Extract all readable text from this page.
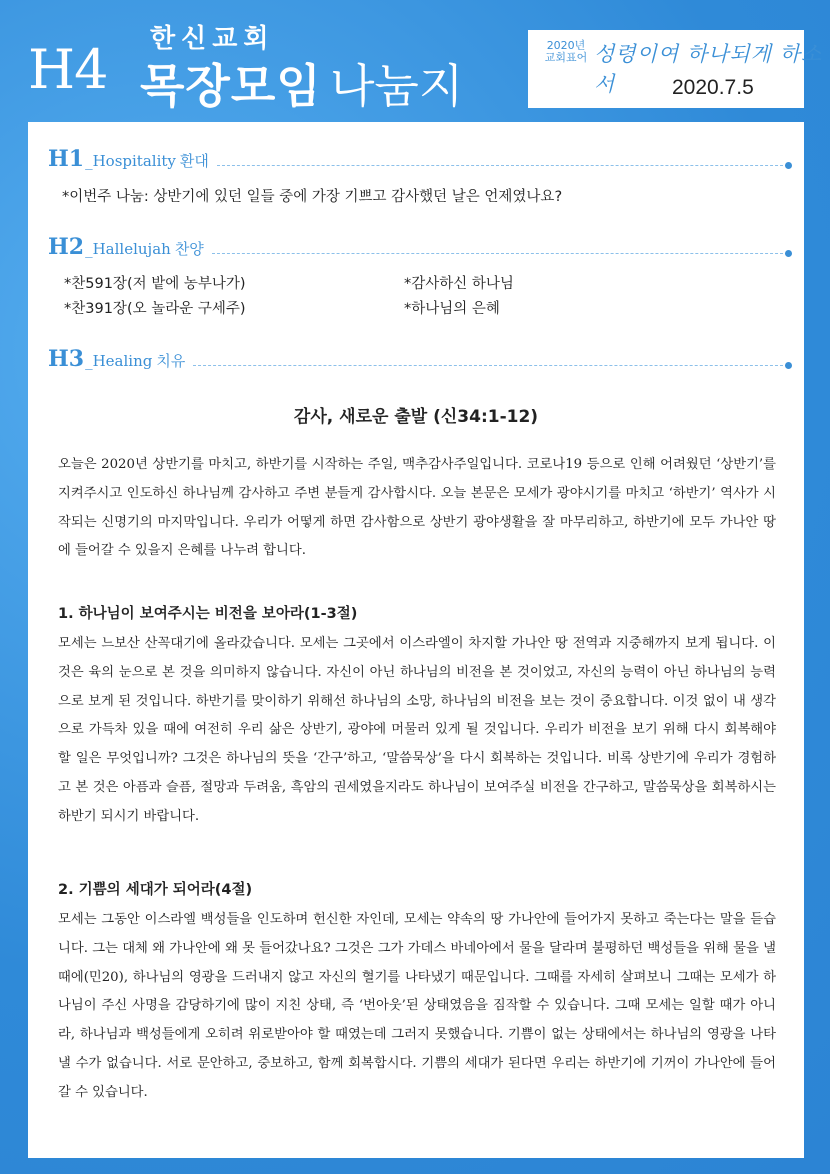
H4 한신교회
목장모임 나눔지
2020년 교회표어 성령이여 하나되게 하소서	2020.7.5
H1 _Hospitality 환대
*이번주 나눔: 상반기에 있던 일들 중에 가장 기쁘고 감사했던 날은 언제였나요?
H2 _Hallelujah 찬양
*찬591장(저 밭에 농부나가)	*감사하신 하나님
*찬391장(오 놀라운 구세주)	*하나님의 은혜
H3 _Healing 치유
감사, 새로운 출발 (신34:1-12)

오늘은 2020년 상반기를 마치고, 하반기를 시작하는 주일, 맥추감사주일입니다. 코로나19 등으로 인해 어려웠던 ‘상반기’를 지켜주시고 인도하신 하나님께 감사하고 주변 분들게 감사합시다. 오늘 본문은 모세가 광야시기를 마치고 ‘하반기’ 역사가 시작되는 신명기의 마지막입니다. 우리가 어떻게 하면 감사함으로 상반기 광야생활을 잘 마무리하고, 하반기에 모두 가나안 땅에 들어갈 수 있을지 은혜를 나누려 합니다.

1. 하나님이 보여주시는 비전을 보아라(1-3절)

모세는 느보산 산꼭대기에 올라갔습니다. 모세는 그곳에서 이스라엘이 차지할 가나안 땅 전역과 지중해까지 보게 됩니다. 이것은 육의 눈으로 본 것을 의미하지 않습니다. 자신이 아닌 하나님의 비전을 본 것이었고, 자신의 능력이 아닌 하나님의 능력으로 보게 된 것입니다. 하반기를 맞이하기 위해선 하나님의 소망, 하나님의 비전을 보는 것이 중요합니다. 이것 없이 내 생각으로 가득차 있을 때에 여전히 우리 삶은 상반기, 광야에 머물러 있게 될 것입니다. 우리가 비전을 보기 위해 다시 회복해야 할 일은 무엇입니까? 그것은 하나님의 뜻을 ‘간구’하고, ‘말씀묵상’을 다시 회복하는 것입니다. 비록 상반기에 우리가 경험하고 본 것은 아픔과 슬픔, 절망과 두려움, 흑암의 권세였을지라도 하나님이 보여주실 비전을 간구하고, 말씀묵상을 회복하시는 하반기 되시기 바랍니다.

2. 기쁨의 세대가 되어라(4절)

모세는 그동안 이스라엘 백성들을 인도하며 헌신한 자인데, 모세는 약속의 땅 가나안에 들어가지 못하고 죽는다는 말을 듣습니다. 그는 대체 왜 가나안에 왜 못 들어갔나요? 그것은 그가 가데스 바네아에서 물을 달라며 불평하던 백성들을 위해 물을 낼 때에(민20), 하나님의 영광을 드러내지 않고 자신의 혈기를 나타냈기 때문입니다. 그때를 자세히 살펴보니 그때는 모세가 하나님이 주신 사명을 감당하기에 많이 지친 상태, 즉 ‘번아웃’된 상태였음을 짐작할 수 있습니다. 그때 모세는 일할 때가 아니라, 하나님과 백성들에게 오히려 위로받아야 할 때였는데 그러지 못했습니다. 기쁨이 없는 상태에서는 하나님의 영광을 나타낼 수가 없습니다. 서로 문안하고, 중보하고, 함께 회복합시다. 기쁨의 세대가 된다면 우리는 하반기에 기꺼이 가나안에 들어갈 수 있습니다.
